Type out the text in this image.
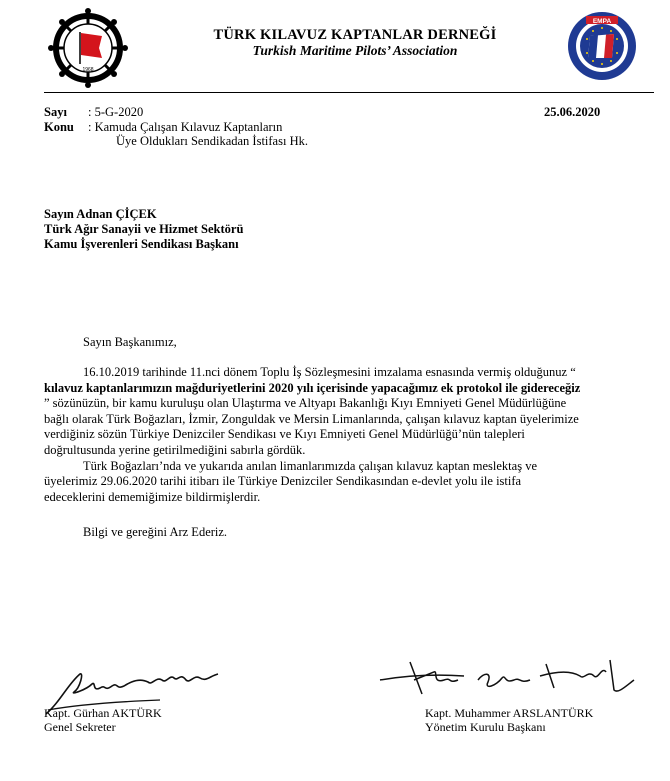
1968
TÜRK KILAVUZ KAPTANLAR DERNEĞİ
Turkish Maritime Pilots’ Association
EMPA
Sayı : 5-G-2020
Konu : Kamuda Çalışan Kılavuz Kaptanların
Üye Oldukları Sendikadan İstifası Hk.
25.06.2020
Sayın Adnan ÇİÇEK
Türk Ağır Sanayii ve Hizmet Sektörü
Kamu İşverenleri Sendikası Başkanı
Sayın Başkanımız,
16.10.2019 tarihinde 11.nci dönem Toplu İş Sözleşmesini imzalama esnasında vermiş olduğunuz “
kılavuz kaptanlarımızın mağduriyetlerini 2020 yılı içerisinde yapacağımız ek protokol ile gidereceğiz
” sözünüzün, bir kamu kuruluşu olan Ulaştırma ve Altyapı Bakanlığı Kıyı Emniyeti Genel Müdürlüğüne
bağlı olarak Türk Boğazları, İzmir, Zonguldak ve Mersin Limanlarında, çalışan kılavuz kaptan üyelerimize
verdiğiniz sözün Türkiye Denizciler Sendikası ve Kıyı Emniyeti Genel Müdürlüğü’nün talepleri
doğrultusunda yerine getirilmediğini sabırla gördük.
Türk Boğazları’nda ve yukarıda anılan limanlarımızda çalışan kılavuz kaptan meslektaş ve
üyelerimiz 29.06.2020 tarihi itibarı ile Türkiye Denizciler Sendikasından e-devlet yolu ile istifa
edeceklerini dememiğimize bildirmişlerdir.
Bilgi ve gereğini Arz Ederiz.
Kapt. Gürhan AKTÜRK
Genel Sekreter
Kapt. Muhammer ARSLANTÜRK
Yönetim Kurulu Başkanı
